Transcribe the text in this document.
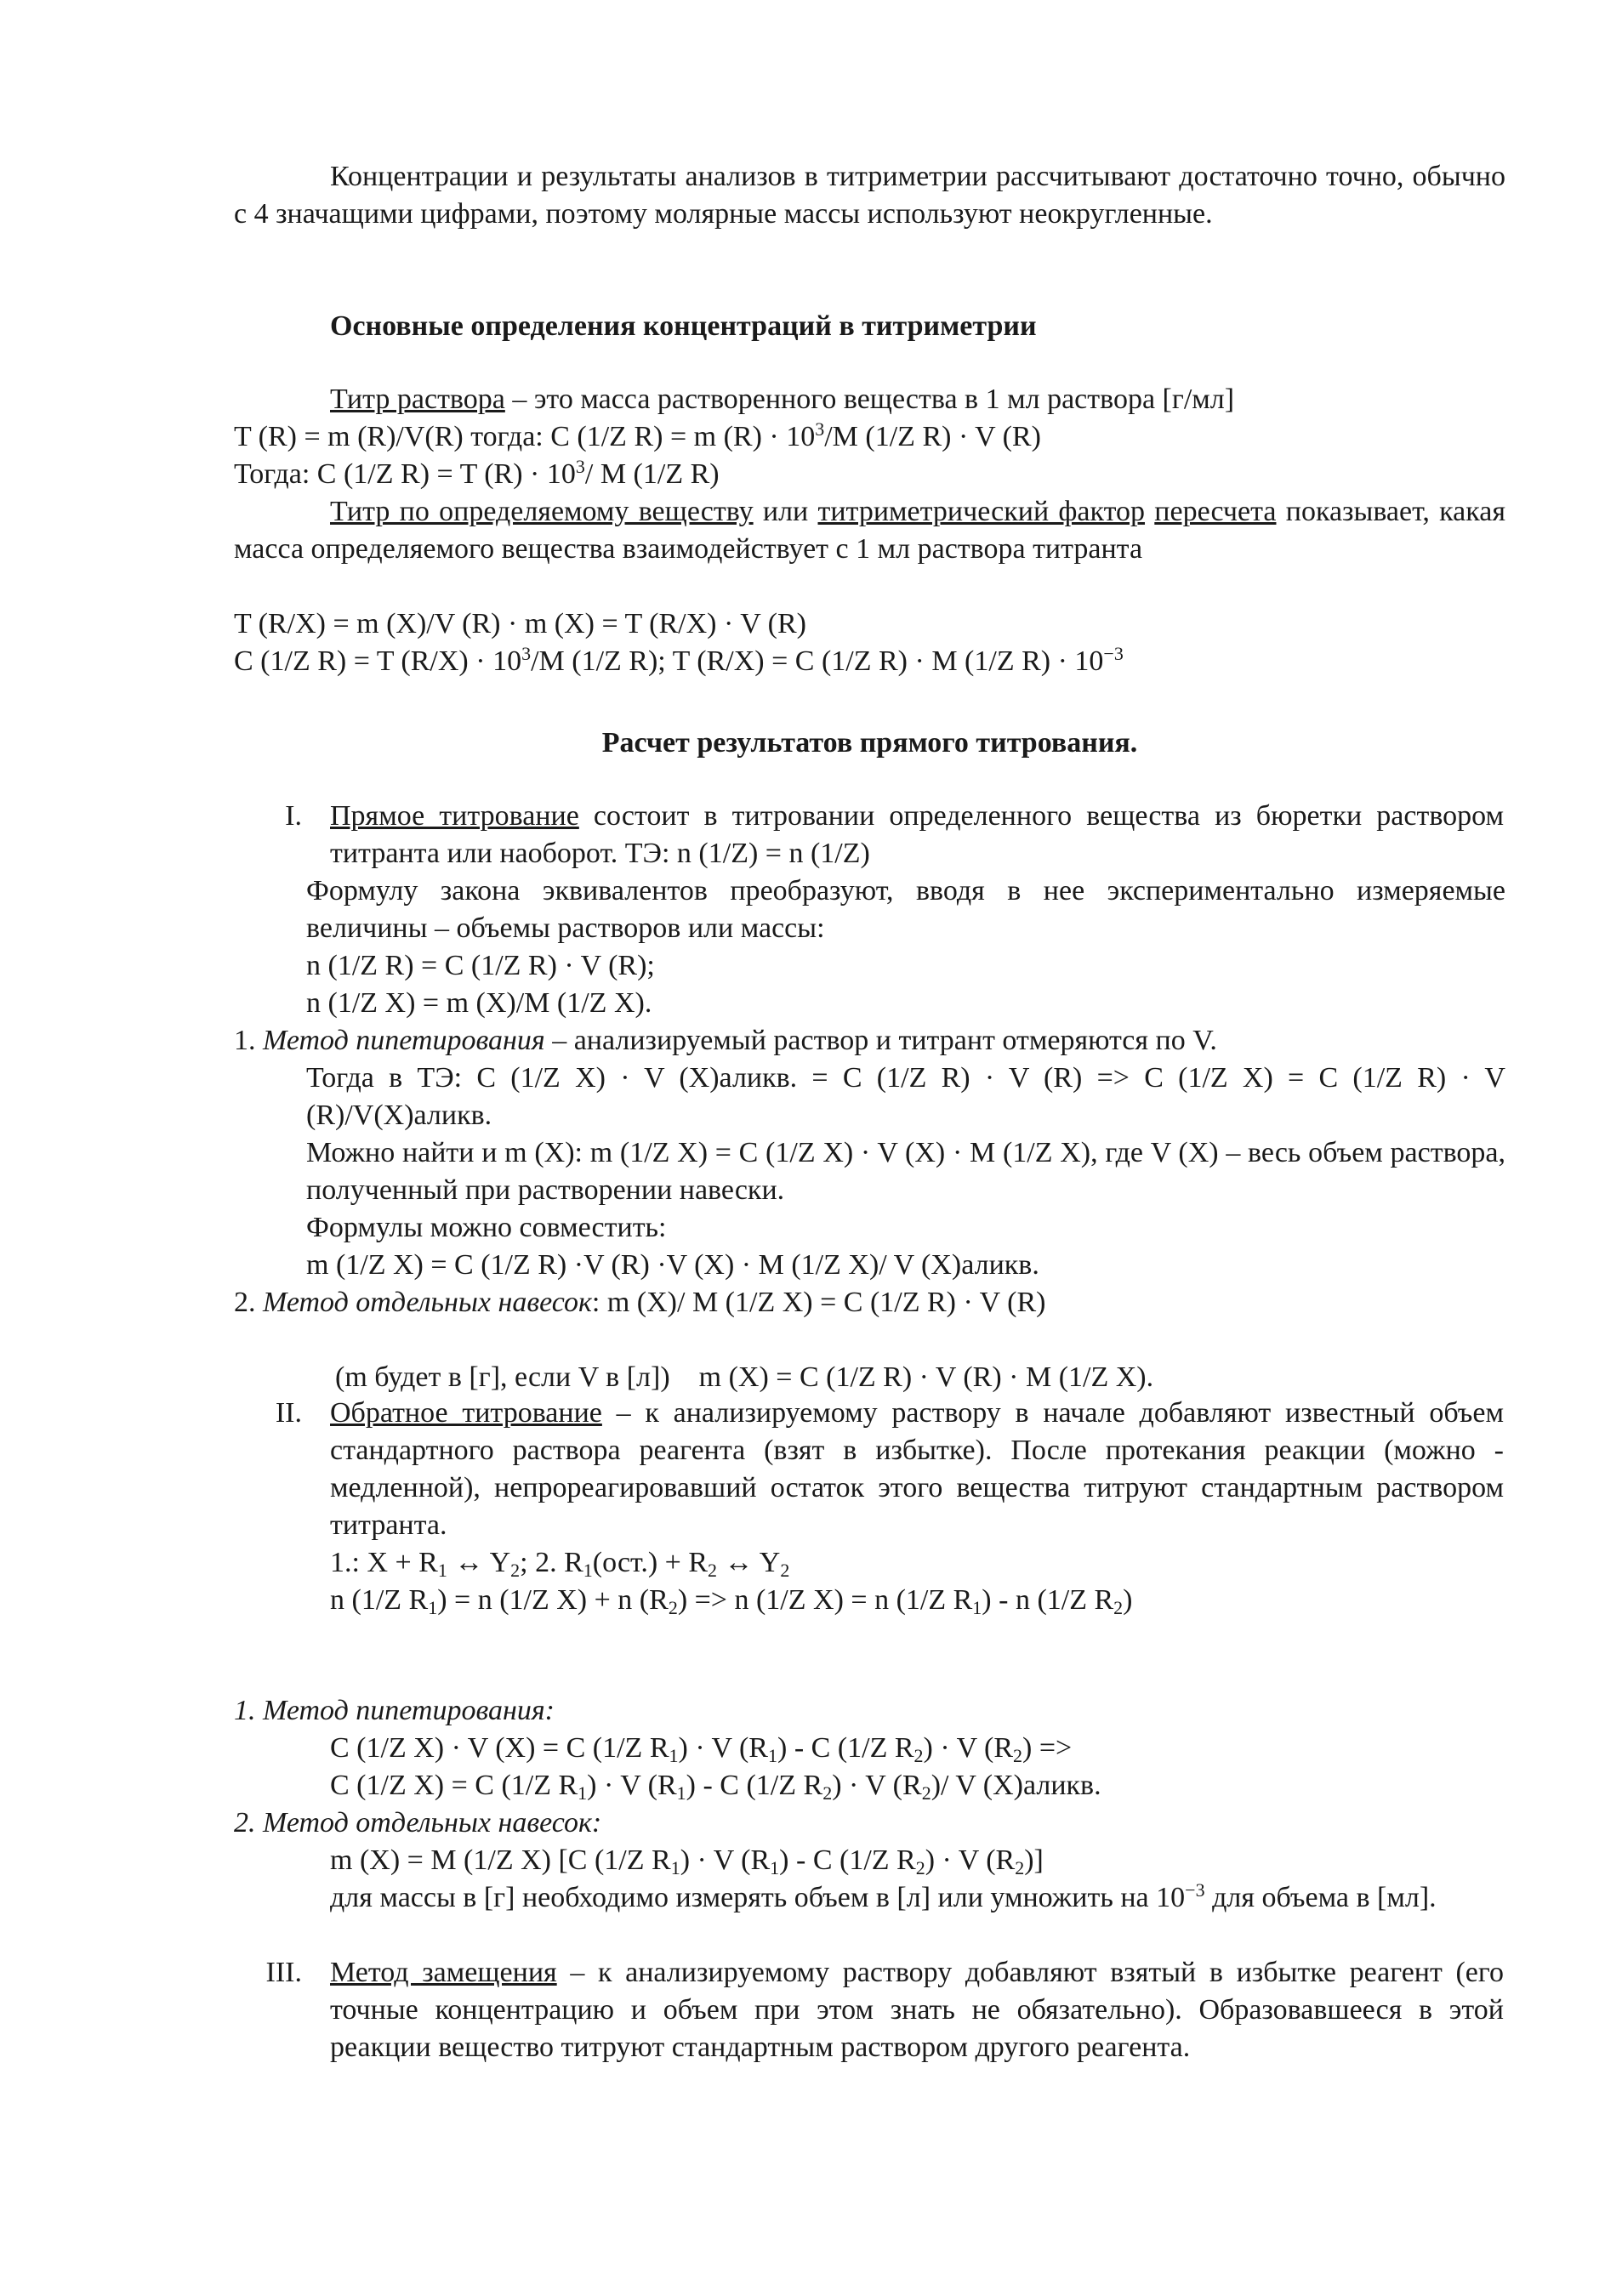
Концентрации и результаты анализов в титриметрии рассчитывают достаточно точно, обычно с 4 значащими цифрами, поэтому молярные массы используют неокругленные.

Основные определения концентраций в титриметрии

Титр раствора – это масса растворенного вещества в 1 мл раствора [г/мл]

T (R) = m (R)/V(R) тогда: C (1/Z R) = m $(R) \cdot 10^3/M$ (1/Z R) · V (R)

Тогда: C (1/Z R) = T $(R) \cdot 10^3/$ M (1/Z R)

Титр по определяемому веществу или титриметрический фактор пересчета показывает, какая масса определяемого вещества взаимодействует с 1 мл раствора титранта

T (R/X) = m (X)/V (R) · m (X) = T (R/X) · V (R)

C (1/Z R) = T $(R/X) \cdot 10^3/M$ (1/Z R); T (R/X) = C (1/Z R) · M (1/Z $R) \cdot 10^{-3}$

Расчет результатов прямого титрования.

I. Прямое титрование состоит в титровании определенного вещества из бюретки раствором титранта или наоборот. ТЭ: n (1/Z) = n (1/Z)

Формулу закона эквивалентов преобразуют, вводя в нее экспериментально измеряемые величины – объемы растворов или массы:

n (1/Z R) = C (1/Z R) · V (R);

n (1/Z X) = m (X)/M (1/Z X).

1. Метод пипетирования – анализируемый раствор и титрант отмеряются по V.

Тогда в ТЭ: C (1/Z X) · V (X)аликв. = C (1/Z R) · V (R) => C (1/Z X) = C (1/Z R) · V (R)/V(X)аликв.

Можно найти и m (X): m (1/Z X) = C (1/Z X) · V (X) · M (1/Z X), где V (X) – весь объем раствора, полученный при растворении навески.

Формулы можно совместить:

m (1/Z X) = C (1/Z R) ·V (R) ·V (X) · M (1/Z X)/ V (X)аликв.

2. Метод отдельных навесок: m (X)/ M (1/Z X) = C (1/Z R) · V (R)

(m будет в [г], если V в [л])    m (X) = C (1/Z R) · V (R) · M (1/Z X).

II. Обратное титрование – к анализируемому раствору в начале добавляют известный объем стандартного раствора реагента (взят в избытке). После протекания реакции (можно - медленной), непрореагировавший остаток этого вещества титруют стандартным раствором титранта.

1.: $X + R_1$ ↔ $Y_2$; 2. $R_1(ост.) + R_2$ ↔ $Y_2$

n (1/Z $R_1) = n$ (1/Z X) + n $(R_2) => n$ (1/Z X) = n (1/Z $R_1$) - n (1/Z $R_2$)

1. Метод пипетирования:

C (1/Z X) · V (X) = C (1/Z $R_1) \cdot V$ $(R_1)$ - C (1/Z $R_2) \cdot V$ $(R_2)$ =>

C (1/Z X) = C (1/Z $R_1) \cdot V$ $(R_1)$ - C (1/Z $R_2) \cdot V$ $(R_2)/$ V (X)аликв.

2. Метод отдельных навесок:

m (X) = M (1/Z X) [C (1/Z $R_1) \cdot V$ $(R_1)$ - C (1/Z $R_2) \cdot V$ $(R_2)$]

для массы в [г] необходимо измерять объем в [л] или умножить на $10^{-3}$ для объема в [мл].

III. Метод замещения – к анализируемому раствору добавляют взятый в избытке реагент (его точные концентрацию и объем при этом знать не обязательно). Образовавшееся в этой реакции вещество титруют стандартным раствором другого реагента.
